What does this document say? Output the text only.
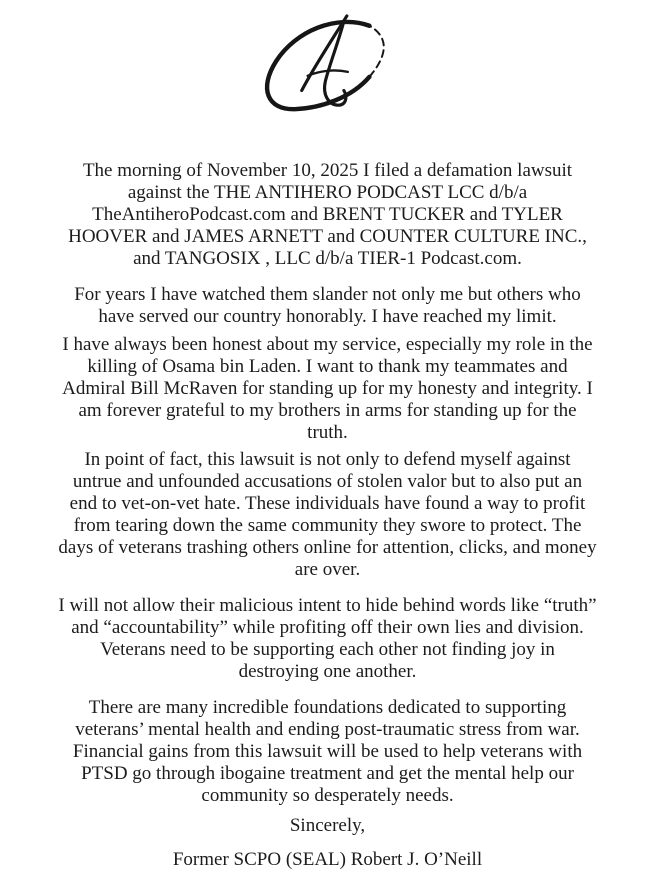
The morning of November 10, 2025 I filed a defamation lawsuit
against the THE ANTIHERO PODCAST LCC d/b/a
TheAntiheroPodcast.com and BRENT TUCKER and TYLER
HOOVER and JAMES ARNETT and COUNTER CULTURE INC.,
and TANGOSIX , LLC d/b/a TIER-1 Podcast.com.

For years I have watched them slander not only me but others who
have served our country honorably. I have reached my limit.

I have always been honest about my service, especially my role in the
killing of Osama bin Laden. I want to thank my teammates and
Admiral Bill McRaven for standing up for my honesty and integrity. I
am forever grateful to my brothers in arms for standing up for the
truth.

In point of fact, this lawsuit is not only to defend myself against
untrue and unfounded accusations of stolen valor but to also put an
end to vet-on-vet hate. These individuals have found a way to profit
from tearing down the same community they swore to protect. The
days of veterans trashing others online for attention, clicks, and money
are over.

I will not allow their malicious intent to hide behind words like “truth”
and “accountability” while profiting off their own lies and division.
Veterans need to be supporting each other not finding joy in
destroying one another.

There are many incredible foundations dedicated to supporting
veterans’ mental health and ending post-traumatic stress from war.
Financial gains from this lawsuit will be used to help veterans with
PTSD go through ibogaine treatment and get the mental help our
community so desperately needs.

Sincerely,

Former SCPO (SEAL) Robert J. O’Neill
